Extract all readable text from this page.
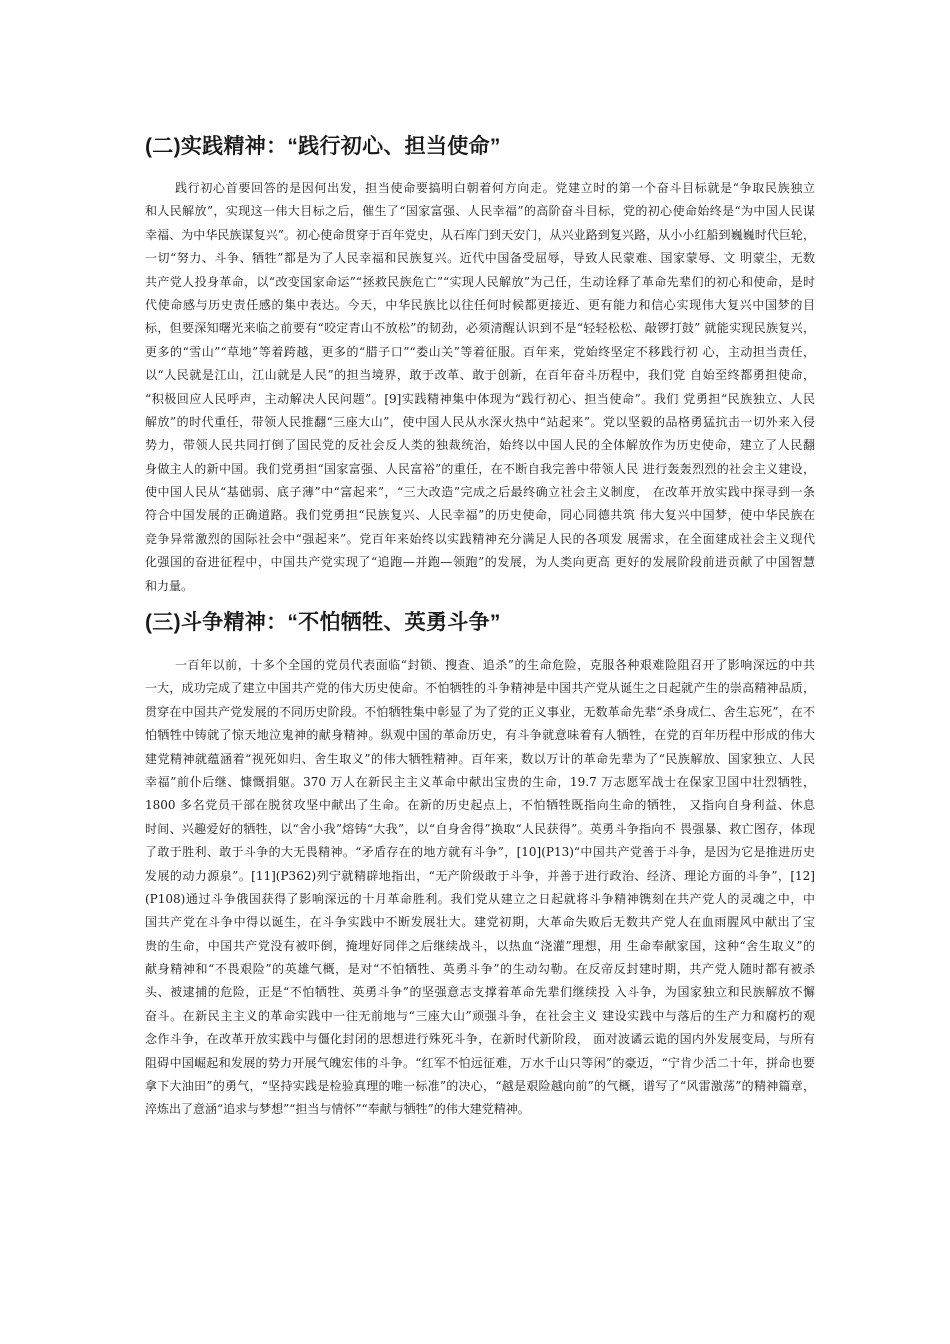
(二)实践精神：“践行初心、担当使命”
践行初心首要回答的是因何出发，担当使命要搞明白朝着何方向走。党建立时的第一个奋斗目标就是“争取民族独立
和人民解放”，实现这一伟大目标之后，催生了“国家富强、人民幸福”的高阶奋斗目标，党的初心使命始终是“为中国人民谋
幸福、为中华民族谋复兴”。初心使命贯穿于百年党史，从石库门到天安门，从兴业路到复兴路，从小小红船到巍巍时代巨轮，
一切“努力、斗争、牺牲”都是为了人民幸福和民族复兴。近代中国备受屈辱，导致人民蒙难、国家蒙辱、文 明蒙尘，无数
共产党人投身革命，以“改变国家命运”“拯救民族危亡”“实现人民解放”为己任，生动诠释了革命先辈们的初心和使命，是时
代使命感与历史责任感的集中表达。今天，中华民族比以往任何时候都更接近、更有能力和信心实现伟大复兴中国梦的目
标，但要深知曙光来临之前要有“咬定青山不放松”的韧劲，必须清醒认识到不是“轻轻松松、敲锣打鼓” 就能实现民族复兴，
更多的“雪山”“草地”等着跨越，更多的“腊子口”“娄山关”等着征服。百年来，党始终坚定不移践行初 心，主动担当责任，
以“人民就是江山，江山就是人民”的担当境界，敢于改革、敢于创新，在百年奋斗历程中，我们党 自始至终都勇担使命，
“积极回应人民呼声，主动解决人民问题”。[9]实践精神集中体现为“践行初心、担当使命”。我们 党勇担“民族独立、人民
解放”的时代重任，带领人民推翻“三座大山”，使中国人民从水深火热中“站起来”。党以坚毅的品格勇猛抗击一切外来入侵
势力，带领人民共同打倒了国民党的反社会反人类的独裁统治，始终以中国人民的全体解放作为历史使命，建立了人民翻
身做主人的新中国。我们党勇担“国家富强、人民富裕”的重任，在不断自我完善中带领人民 进行轰轰烈烈的社会主义建设，
使中国人民从“基础弱、底子薄”中“富起来”，“三大改造”完成之后最终确立社会主义制度， 在改革开放实践中探寻到一条
符合中国发展的正确道路。我们党勇担“民族复兴、人民幸福”的历史使命，同心同德共筑 伟大复兴中国梦，使中华民族在
竞争异常激烈的国际社会中“强起来”。党百年来始终以实践精神充分满足人民的各项发 展需求，在全面建成社会主义现代
化强国的奋进征程中，中国共产党实现了“追跑—并跑—领跑”的发展，为人类向更高 更好的发展阶段前进贡献了中国智慧
和力量。
(三)斗争精神：“不怕牺牲、英勇斗争”
一百年以前，十多个全国的党员代表面临“封锁、搜查、追杀”的生命危险，克服各种艰难险阻召开了影响深远的中共
一大，成功完成了建立中国共产党的伟大历史使命。不怕牺牲的斗争精神是中国共产党从诞生之日起就产生的崇高精神品质，
贯穿在中国共产党发展的不同历史阶段。不怕牺牲集中彰显了为了党的正义事业，无数革命先辈“杀身成仁、舍生忘死”，在不
怕牺牲中铸就了惊天地泣鬼神的献身精神。纵观中国的革命历史，有斗争就意味着有人牺牲，在党的百年历程中形成的伟大
建党精神就蕴涵着“视死如归、舍生取义”的伟大牺牲精神。百年来，数以万计的革命先辈为了“民族解放、国家独立、人民
幸福”前仆后继、慷慨捐躯。370 万人在新民主主义革命中献出宝贵的生命，19.7 万志愿军战士在保家卫国中壮烈牺牲，
1800 多名党员干部在脱贫攻坚中献出了生命。在新的历史起点上，不怕牺牲既指向生命的牺牲， 又指向自身利益、休息
时间、兴趣爱好的牺牲，以“舍小我”熔铸“大我”，以“自身舍得”换取“人民获得”。英勇斗争指向不 畏强暴、救亡图存，体现
了敢于胜利、敢于斗争的大无畏精神。“矛盾存在的地方就有斗争”，[10](P13)“中国共产党善于斗争，是因为它是推进历史
发展的动力源泉”。[11](P362)列宁就精辟地指出，“无产阶级敢于斗争，并善于进行政治、经济、理论方面的斗争”，[12]
(P108)通过斗争俄国获得了影响深远的十月革命胜利。我们党从建立之日起就将斗争精神镌刻在共产党人的灵魂之中，中
国共产党在斗争中得以诞生，在斗争实践中不断发展壮大。建党初期，大革命失败后无数共产党人在血雨腥风中献出了宝
贵的生命，中国共产党没有被吓倒，掩埋好同伴之后继续战斗，以热血“浇灌”理想，用 生命奉献家国，这种“舍生取义”的
献身精神和“不畏艰险”的英雄气概，是对“不怕牺牲、英勇斗争”的生动勾勒。在反帝反封建时期，共产党人随时都有被杀
头、被逮捕的危险，正是“不怕牺牲、英勇斗争”的坚强意志支撑着革命先辈们继续投 入斗争，为国家独立和民族解放不懈
奋斗。在新民主主义的革命实践中一往无前地与“三座大山”顽强斗争，在社会主义 建设实践中与落后的生产力和腐朽的观
念作斗争，在改革开放实践中与僵化封闭的思想进行殊死斗争，在新时代新阶段， 面对波谲云诡的国内外发展变局，与所有
阻碍中国崛起和发展的势力开展气魄宏伟的斗争。“红军不怕远征难，万水千山只等闲”的豪迈，“宁肯少活二十年，拼命也要
拿下大油田”的勇气，“坚持实践是检验真理的唯一标准”的决心，“越是艰险越向前”的气概，谱写了“风雷激荡”的精神篇章，
淬炼出了意涵“追求与梦想”“担当与情怀”“奉献与牺牲”的伟大建党精神。
